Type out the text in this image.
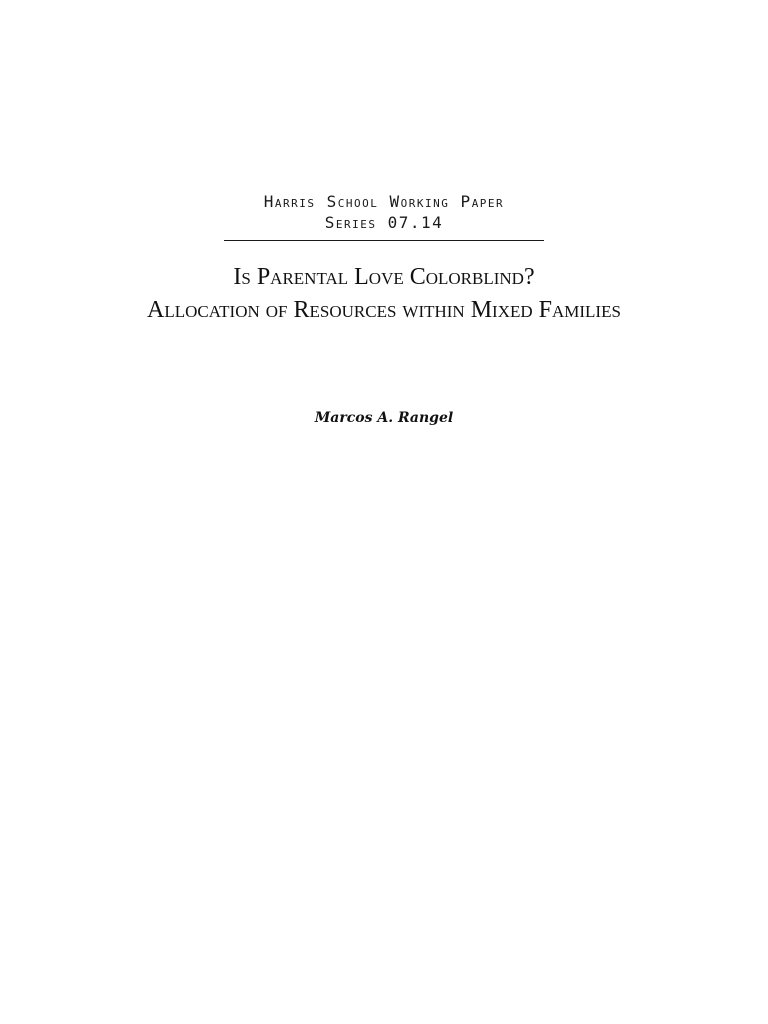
Harris School Working Paper
Series 07.14
Is Parental Love Colorblind?
Allocation of Resources within Mixed Families
Marcos A. Rangel
